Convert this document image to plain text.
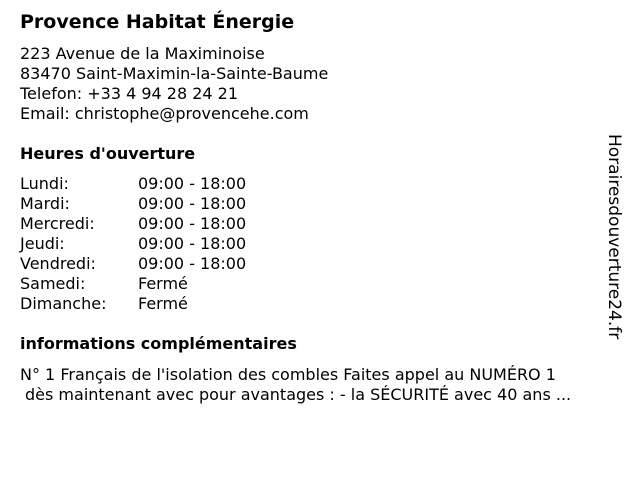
Provence Habitat Énergie
223 Avenue de la Maximinoise
83470 Saint-Maximin-la-Sainte-Baume
Telefon: +33 4 94 28 24 21
Email: christophe@provencehe.com
Heures d'ouverture
Lundi:	09:00 - 18:00
Mardi:	09:00 - 18:00
Mercredi:	09:00 - 18:00
Jeudi:	09:00 - 18:00
Vendredi:	09:00 - 18:00
Samedi:	Fermé
Dimanche: Fermé
informations complémentaires
N° 1 Français de l'isolation des combles Faites appel au NUMÉRO 1
dès maintenant avec pour avantages : - la SÉCURITÉ avec 40 ans ...
Horairesdouverture24.fr
